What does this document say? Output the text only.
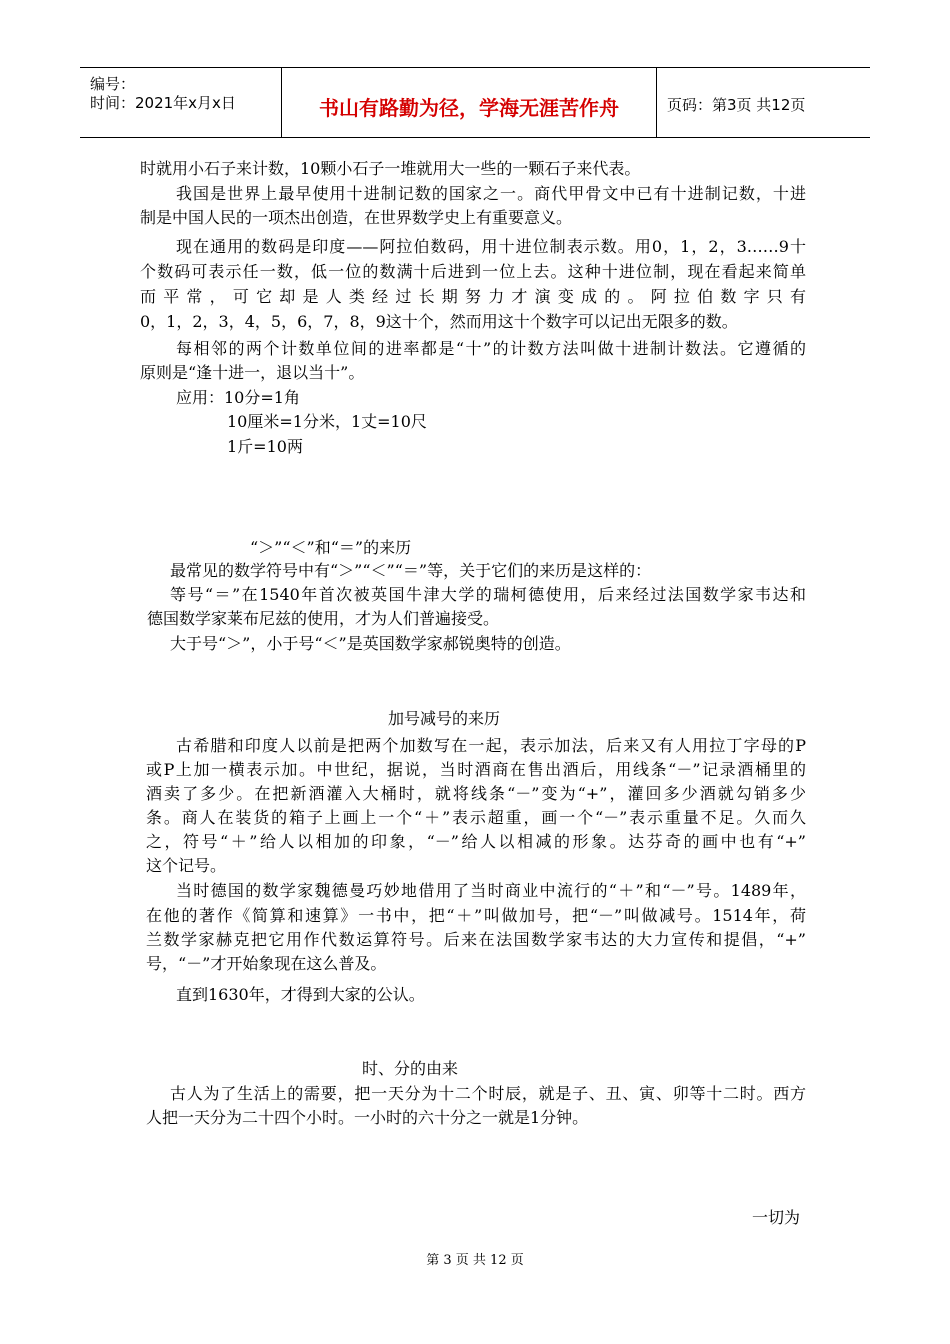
编号：
时间：2021年x月x日	书山有路勤为径，学海无涯苦作舟	页码：第3页 共12页
时就用小石子来计数，10颗小石子一堆就用大一些的一颗石子来代表。
我国是世界上最早使用十进制记数的国家之一。商代甲骨文中已有十进制记数，十进
制是中国人民的一项杰出创造，在世界数学史上有重要意义。
现在通用的数码是印度——阿拉伯数码，用十进位制表示数。用0，1，2，3……9十
个数码可表示任一数，低一位的数满十后进到一位上去。这种十进位制，现在看起来简单
而平常，可它却是人类经过长期努力才演变成的。阿拉伯数字只有
0，1，2，3，4，5，6，7，8，9这十个，然而用这十个数字可以记出无限多的数。
每相邻的两个计数单位间的进率都是“十”的计数方法叫做十进制计数法。它遵循的
原则是“逢十进一，退以当十”。
应用：10分=1角
10厘米=1分米，1丈=10尺
1斤=10两
“＞”“＜”和“＝”的来历
最常见的数学符号中有“＞”“＜”“＝”等，关于它们的来历是这样的：
等号“＝”在1540年首次被英国牛津大学的瑞柯德使用，后来经过法国数学家韦达和
德国数学家莱布尼兹的使用，才为人们普遍接受。
大于号“＞”，小于号“＜”是英国数学家郝锐奥特的创造。
加号减号的来历
古希腊和印度人以前是把两个加数写在一起，表示加法，后来又有人用拉丁字母的P
或P上加一横表示加。中世纪，据说，当时酒商在售出酒后，用线条“－”记录酒桶里的
酒卖了多少。在把新酒灌入大桶时，就将线条“－”变为“+”，灌回多少酒就勾销多少
条。商人在装货的箱子上画上一个“＋”表示超重，画一个“－”表示重量不足。久而久
之，符号“＋”给人以相加的印象，“－”给人以相减的形象。达芬奇的画中也有“+”
这个记号。
当时德国的数学家魏德曼巧妙地借用了当时商业中流行的“＋”和“－”号。1489年，
在他的著作《简算和速算》一书中，把“＋”叫做加号，把“－”叫做减号。1514年，荷
兰数学家赫克把它用作代数运算符号。后来在法国数学家韦达的大力宣传和提倡，“+”
号，“－”才开始象现在这么普及。
直到1630年，才得到大家的公认。
时、分的由来
古人为了生活上的需要，把一天分为十二个时辰，就是子、丑、寅、卯等十二时。西方
人把一天分为二十四个小时。一小时的六十分之一就是1分钟。
一切为
第 3 页 共 12 页
